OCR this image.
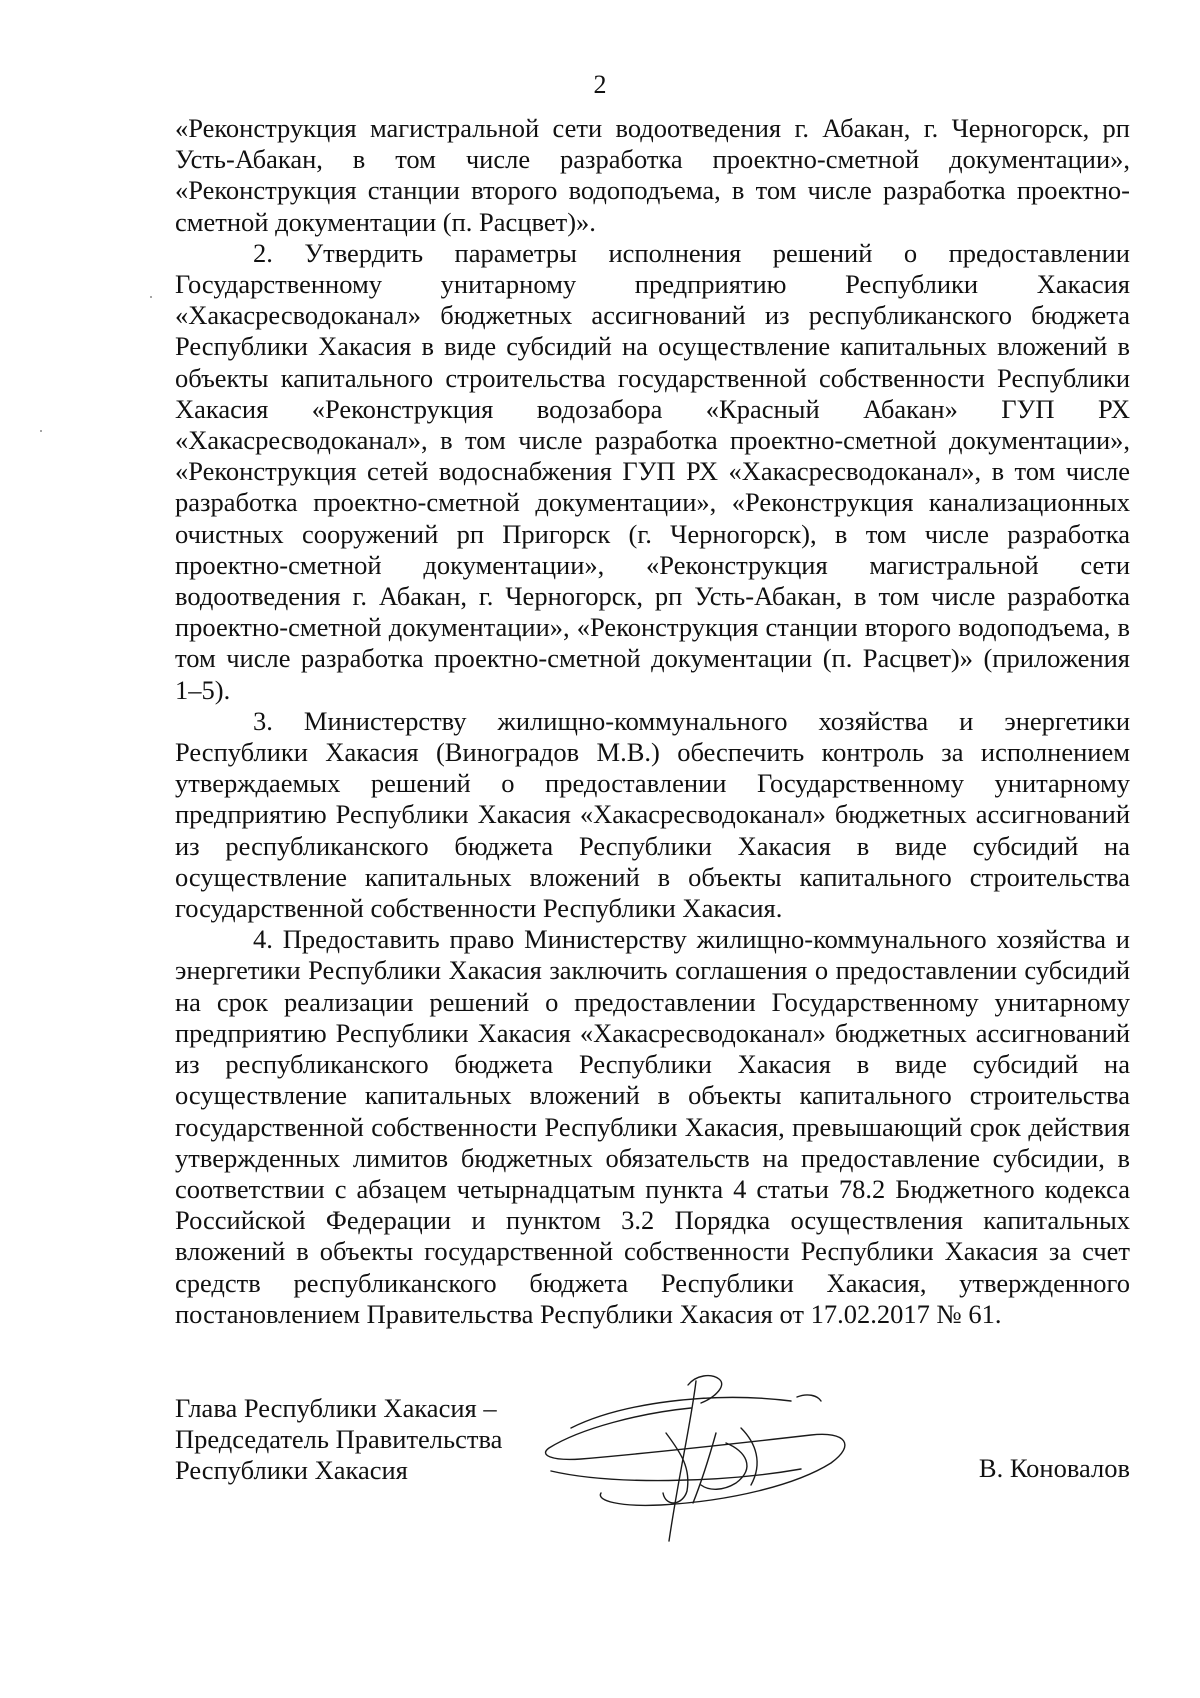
2

«Реконструкция магистральной сети водоотведения г. Абакан, г. Черногорск, рп Усть-Абакан, в том числе разработка проектно-сметной документации», «Реконструкция станции второго водоподъема, в том числе разработка проектно-сметной документации (п. Расцвет)».

2. Утвердить параметры исполнения решений о предоставлении Государственному унитарному предприятию Республики Хакасия «Хакасресводоканал» бюджетных ассигнований из республиканского бюджета Республики Хакасия в виде субсидий на осуществление капитальных вложений в объекты капитального строительства государственной собственности Республики Хакасия «Реконструкция водозабора «Красный Абакан» ГУП РХ «Хакасресводоканал», в том числе разработка проектно-сметной документации», «Реконструкция сетей водоснабжения ГУП РХ «Хакасресводоканал», в том числе разработка проектно-сметной документации», «Реконструкция канализационных очистных сооружений рп Пригорск (г. Черногорск), в том числе разработка проектно-сметной документации», «Реконструкция магистральной сети водоотведения г. Абакан, г. Черногорск, рп Усть-Абакан, в том числе разработка проектно-сметной документации», «Реконструкция станции второго водоподъема, в том числе разработка проектно-сметной документации (п. Расцвет)» (приложения 1–5).

3. Министерству жилищно-коммунального хозяйства и энергетики Республики Хакасия (Виноградов М.В.) обеспечить контроль за исполнением утверждаемых решений о предоставлении Государственному унитарному предприятию Республики Хакасия «Хакасресводоканал» бюджетных ассигнований из республиканского бюджета Республики Хакасия в виде субсидий на осуществление капитальных вложений в объекты капитального строительства государственной собственности Республики Хакасия.

4. Предоставить право Министерству жилищно-коммунального хозяйства и энергетики Республики Хакасия заключить соглашения о предоставлении субсидий на срок реализации решений о предоставлении Государственному унитарному предприятию Республики Хакасия «Хакасресводоканал» бюджетных ассигнований из республиканского бюджета Республики Хакасия в виде субсидий на осуществление капитальных вложений в объекты капитального строительства государственной собственности Республики Хакасия, превышающий срок действия утвержденных лимитов бюджетных обязательств на предоставление субсидии, в соответствии с абзацем четырнадцатым пункта 4 статьи 78.2 Бюджетного кодекса Российской Федерации и пунктом 3.2 Порядка осуществления капитальных вложений в объекты государственной собственности Республики Хакасия за счет средств республиканского бюджета Республики Хакасия, утвержденного постановлением Правительства Республики Хакасия от 17.02.2017 № 61.

Глава Республики Хакасия –
Председатель Правительства
Республики Хакасия	В. Коновалов
